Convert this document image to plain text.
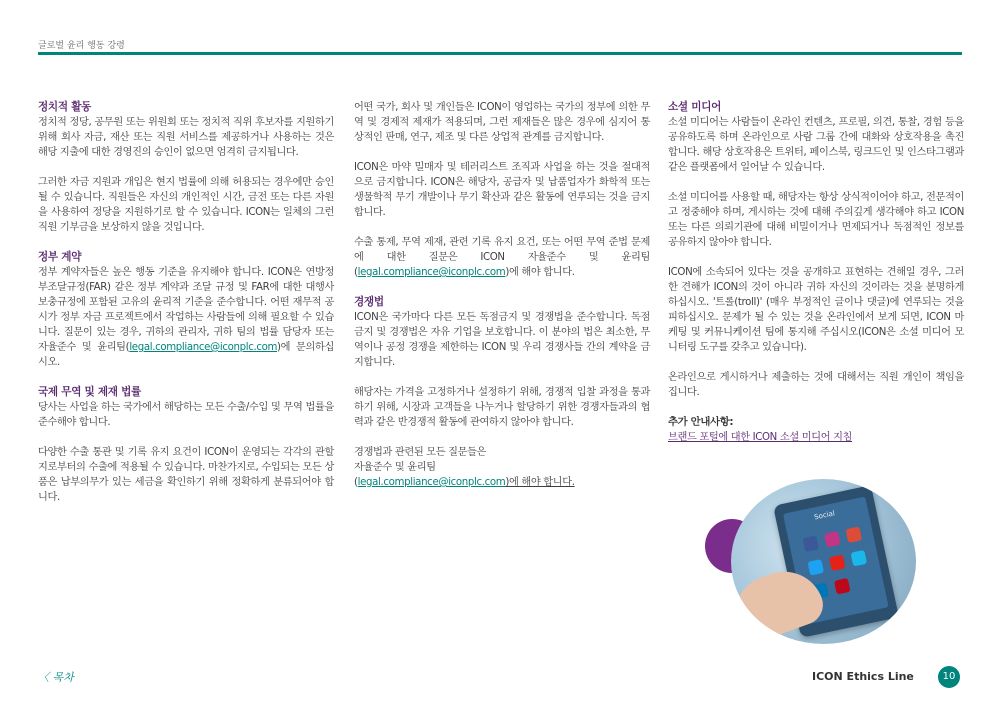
글로벌 윤리 행동 강령
정치적 활동

정치적 정당, 공무원 또는 위원회 또는 정치적 직위 후보자를 지원하기 위해 회사 자금, 재산 또는 직원 서비스를 제공하거나 사용하는 것은 해당 지출에 대한 경영진의 승인이 없으면 엄격히 금지됩니다.

그러한 자금 지원과 개입은 현지 법률에 의해 허용되는 경우에만 승인될 수 있습니다. 직원들은 자신의 개인적인 시간, 금전 또는 다른 자원을 사용하여 정당을 지원하기로 할 수 있습니다. ICON는 일체의 그런 직원 기부금을 보상하지 않을 것입니다.

정부 계약

정부 계약자들은 높은 행동 기준을 유지해야 합니다. ICON은 연방정부조달규정(FAR) 같은 정부 계약과 조달 규정 및 FAR에 대한 대행사 보충규정에 포함된 고유의 윤리적 기준을 준수합니다. 어떤 재무적 공시가 정부 자금 프로젝트에서 작업하는 사람들에 의해 필요할 수 있습니다. 질문이 있는 경우, 귀하의 관리자, 귀하 팀의 법률 담당자 또는 자율준수 및 윤리팀(legal.compliance@iconplc.com)에 문의하십시오.

국제 무역 및 제재 법률

당사는 사업을 하는 국가에서 해당하는 모든 수출/수입 및 무역 법률을 준수해야 합니다.

다양한 수출 통관 및 기록 유지 요건이 ICON이 운영되는 각각의 관할지로부터의 수출에 적용될 수 있습니다. 마찬가지로, 수입되는 모든 상품은 납부의무가 있는 세금을 확인하기 위해 정확하게 분류되어야 합니다.

어떤 국가, 회사 및 개인들은 ICON이 영업하는 국가의 정부에 의한 무역 및 경제적 제재가 적용되며, 그런 제재들은 많은 경우에 심지어 통상적인 판매, 연구, 제조 및 다른 상업적 관계를 금지합니다.

ICON은 마약 밀매자 및 테러리스트 조직과 사업을 하는 것을 절대적으로 금지합니다. ICON은 해당자, 공급자 및 납품업자가 화학적 또는 생물학적 무기 개발이나 무기 확산과 같은 활동에 연루되는 것을 금지합니다.

수출 통제, 무역 제재, 관련 기록 유지 요건, 또는 어떤 무역 준법 문제에 대한 질문은 ICON 자율준수 및 윤리팀(legal.compliance@iconplc.com)에 해야 합니다.

경쟁법

ICON은 국가마다 다른 모든 독점금지 및 경쟁법을 준수합니다. 독점금지 및 경쟁법은 자유 기업을 보호합니다. 이 분야의 법은 최소한, 무역이나 공정 경쟁을 제한하는 ICON 및 우리 경쟁사들 간의 계약을 금지합니다.

해당자는 가격을 고정하거나 설정하기 위해, 경쟁적 입찰 과정을 통과하기 위해, 시장과 고객들을 나누거나 할당하기 위한 경쟁자들과의 협력과 같은 반경쟁적 활동에 관여하지 않아야 합니다.

경쟁법과 관련된 모든 질문들은
자율준수 및 윤리팀
(legal.compliance@iconplc.com)에 해야 합니다.

소셜 미디어

소셜 미디어는 사람들이 온라인 컨텐츠, 프로필, 의견, 통찰, 경험 등을 공유하도록 하며 온라인으로 사람 그룹 간에 대화와 상호작용을 촉진합니다. 해당 상호작용은 트위터, 페이스북, 링크드인 및 인스타그램과 같은 플랫폼에서 일어날 수 있습니다.

소셜 미디어를 사용할 때, 해당자는 항상 상식적이어야 하고, 전문적이고 정중해야 하며, 게시하는 것에 대해 주의깊게 생각해야 하고 ICON 또는 다른 의뢰기관에 대해 비밀이거나 면제되거나 독점적인 정보를 공유하지 않아야 합니다.

ICON에 소속되어 있다는 것을 공개하고 표현하는 견해일 경우, 그러한 견해가 ICON의 것이 아니라 귀하 자신의 것이라는 것을 분명하게 하십시오. '트롤(troll)' (매우 부정적인 글이나 댓글)에 연루되는 것을 피하십시오. 문제가 될 수 있는 것을 온라인에서 보게 되면, ICON 마케팅 및 커뮤니케이션 팀에 통지해 주십시오(ICON은 소셜 미디어 모니터링 도구를 갖추고 있습니다).

온라인으로 게시하거나 제출하는 것에 대해서는 직원 개인이 책임을 집니다.

추가 안내사항:
브랜드 포털에 대한 ICON 소셜 미디어 지침
Social
〈 목차	ICON Ethics Line	10
